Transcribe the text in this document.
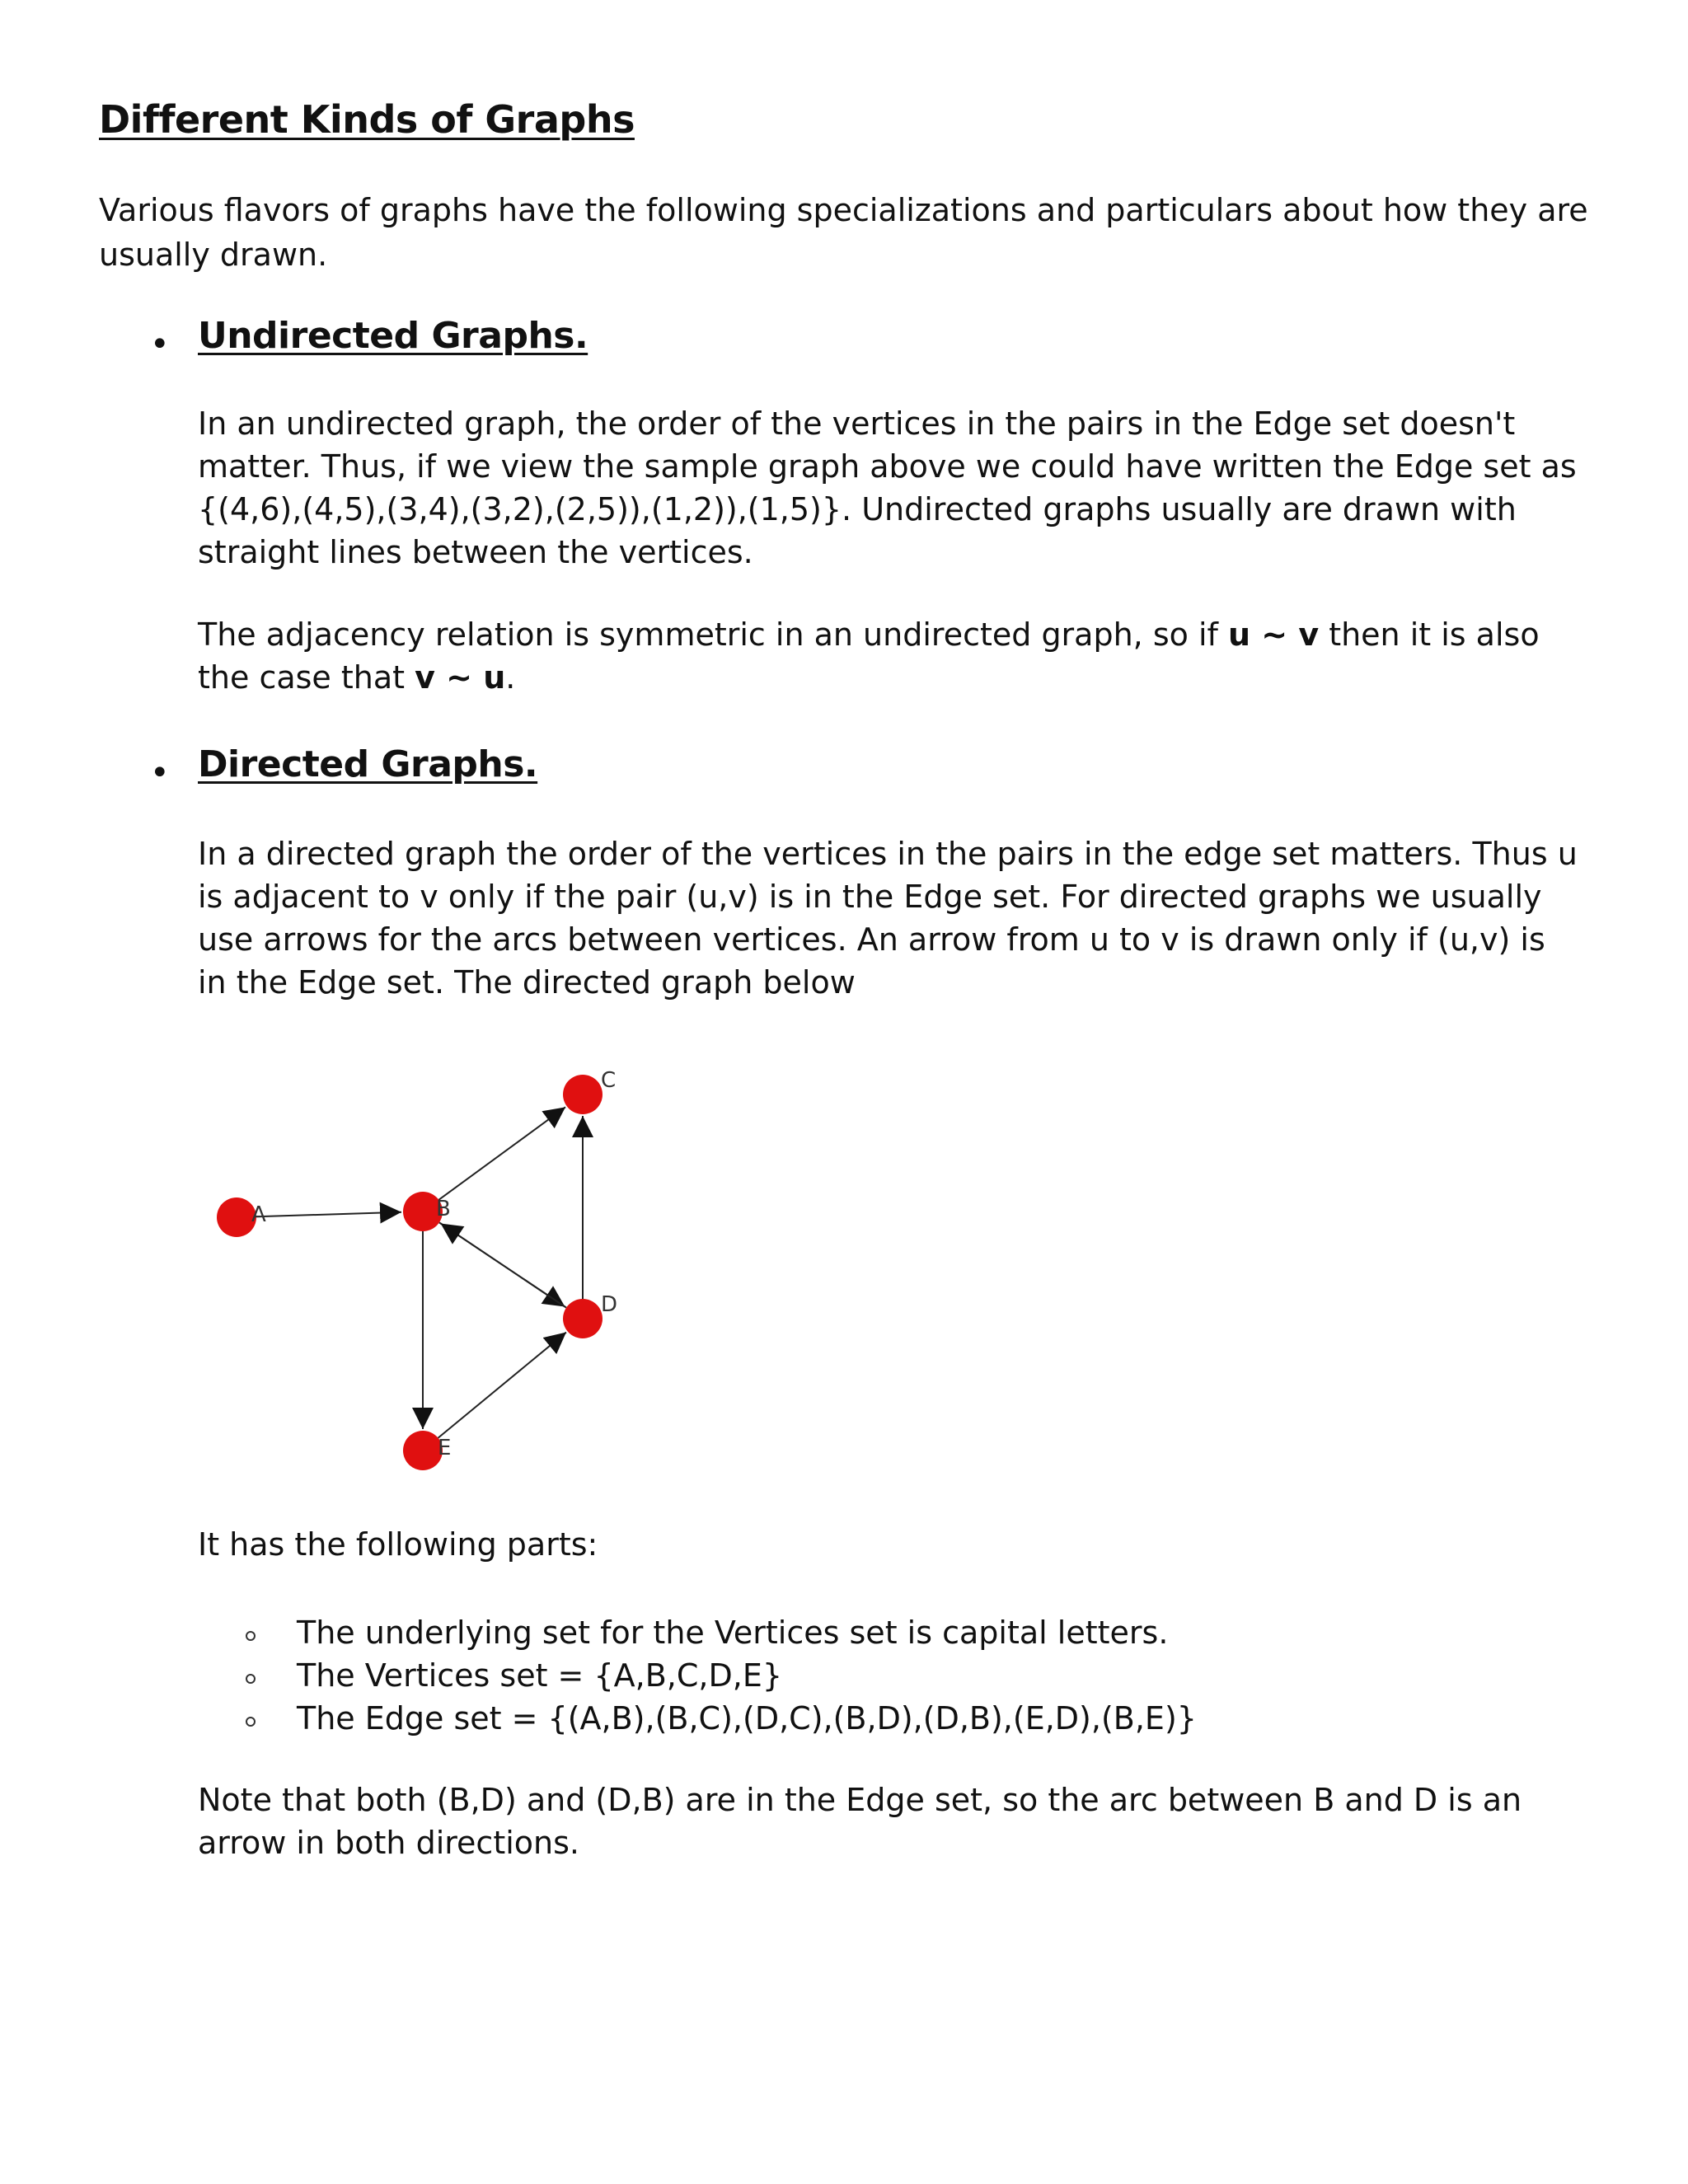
Different Kinds of Graphs

Various flavors of graphs have the following specializations and particulars about how they are usually drawn.

• Undirected Graphs.

In an undirected graph, the order of the vertices in the pairs in the Edge set doesn't matter. Thus, if we view the sample graph above we could have written the Edge set as {(4,6),(4,5),(3,4),(3,2),(2,5)),(1,2)),(1,5)}. Undirected graphs usually are drawn with straight lines between the vertices.

The adjacency relation is symmetric in an undirected graph, so if u ~ v then it is also the case that v ~ u.

• Directed Graphs.

In a directed graph the order of the vertices in the pairs in the edge set matters. Thus u is adjacent to v only if the pair (u,v) is in the Edge set. For directed graphs we usually use arrows for the arcs between vertices. An arrow from u to v is drawn only if (u,v) is in the Edge set. The directed graph below

A	B
C
D
E

It has the following parts:

The underlying set for the Vertices set is capital letters.
The Vertices set = {A,B,C,D,E}
The Edge set = {(A,B),(B,C),(D,C),(B,D),(D,B),(E,D),(B,E)}

Note that both (B,D) and (D,B) are in the Edge set, so the arc between B and D is an arrow in both directions.
